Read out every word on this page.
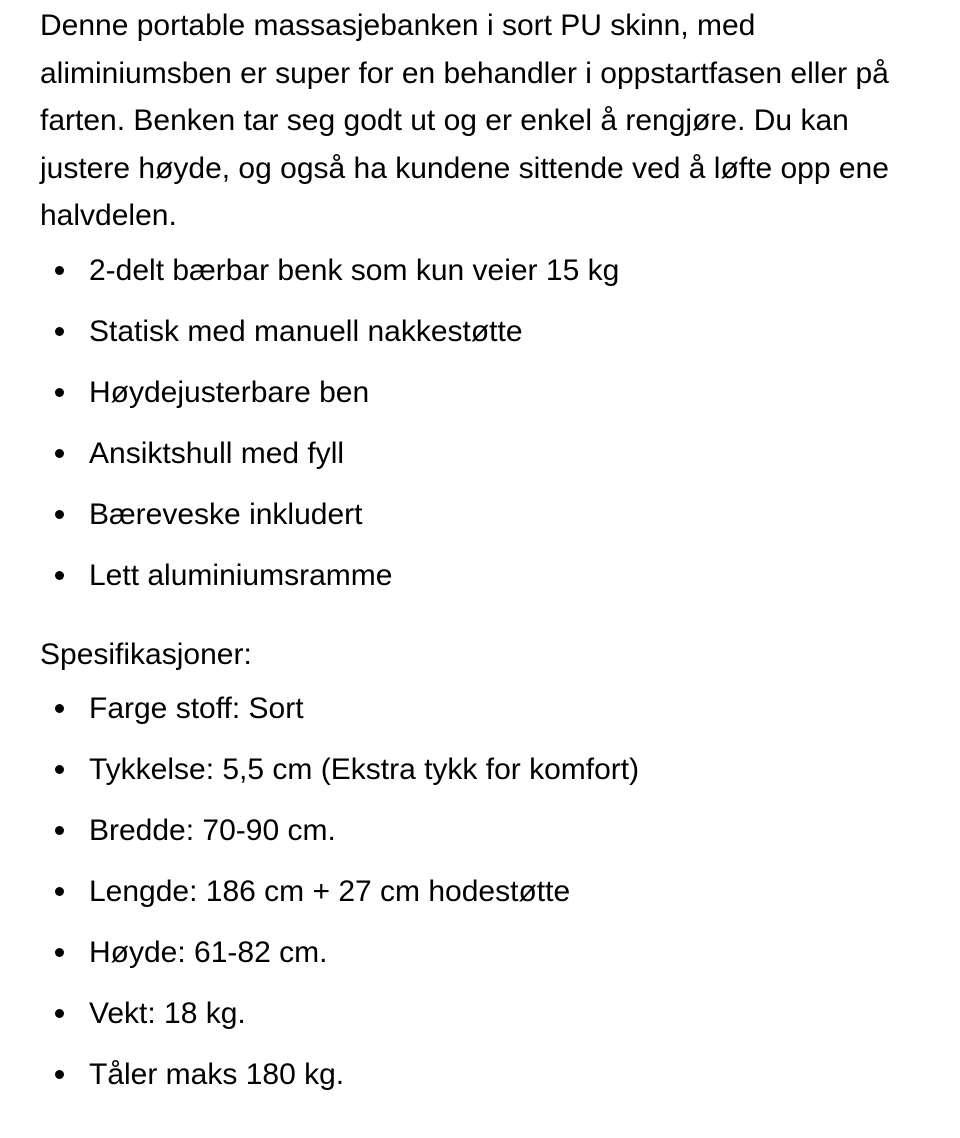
Denne portable massasjebanken i sort PU skinn, med aliminiumsben er super for en behandler i oppstartfasen eller på farten. Benken tar seg godt ut og er enkel å rengjøre. Du kan justere høyde, og også ha kundene sittende ved å løfte opp ene halvdelen.

2-delt bærbar benk som kun veier 15 kg
Statisk med manuell nakkestøtte
Høydejusterbare ben
Ansiktshull med fyll
Bæreveske inkludert
Lett aluminiumsramme

Spesifikasjoner:

Farge stoff: Sort
Tykkelse: 5,5 cm (Ekstra tykk for komfort)
Bredde: 70-90 cm.
Lengde: 186 cm + 27 cm hodestøtte
Høyde: 61-82 cm.
Vekt: 18 kg.
Tåler maks 180 kg.
